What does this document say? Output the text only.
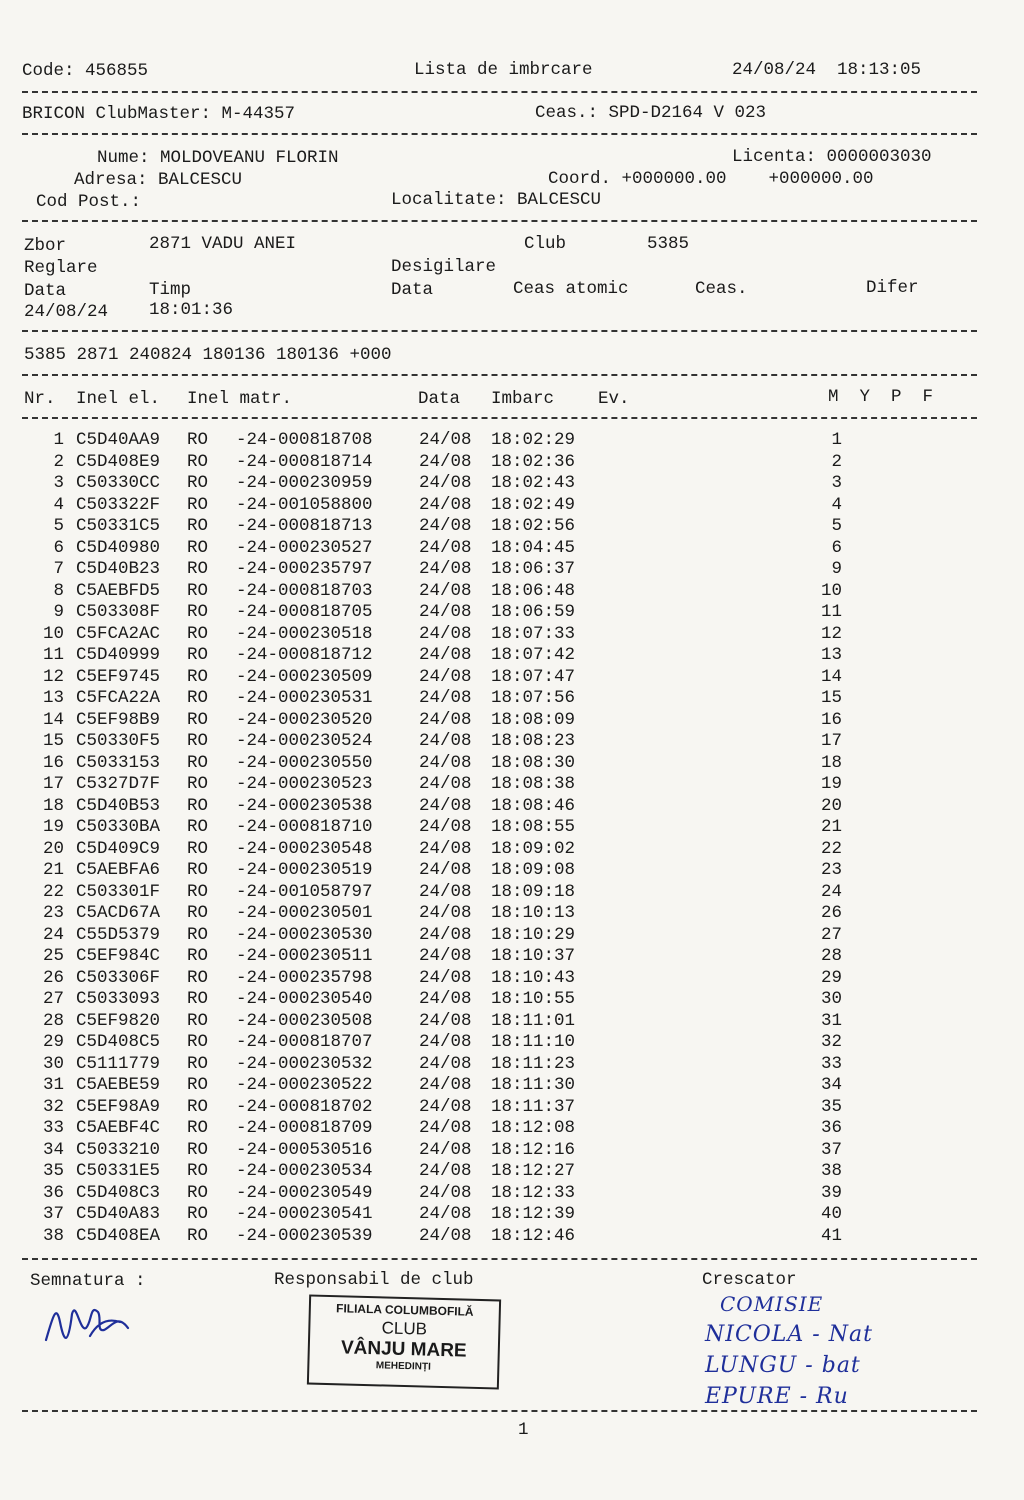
Code: 456855	Lista de imbrcare	24/08/24  18:13:05
BRICON ClubMaster: M-44357	Ceas.: SPD-D2164 V 023
Nume: MOLDOVEANU FLORIN	Licenta: 0000003030
Adresa: BALCESCU	Coord. +000000.00    +000000.00
Cod Post.:	Localitate: BALCESCU
Zbor	2871 VADU ANEI	Club	5385
Reglare	Desigilare
Data	Timp	Data	Ceas atomic	Ceas.	Difer
24/08/24 18:01:36
5385 2871 240824 180136 180136 +000
Nr. Inel el. Inel matr.	Data Imbarc	Ev.	M  Y  P  F
1 C5D40AA9 RO -24-000818708	24/08 18:02:29	1
2 C5D408E9 RO -24-000818714	24/08 18:02:36	2
3 C50330CC RO -24-000230959	24/08 18:02:43	3
4 C503322F RO -24-001058800	24/08 18:02:49	4
5 C50331C5 RO -24-000818713	24/08 18:02:56	5
6 C5D40980 RO -24-000230527	24/08 18:04:45	6
7 C5D40B23 RO -24-000235797	24/08 18:06:37	9
8 C5AEBFD5 RO -24-000818703	24/08 18:06:48	10
9 C503308F RO -24-000818705	24/08 18:06:59	11
10 C5FCA2AC RO -24-000230518	24/08 18:07:33	12
11 C5D40999 RO -24-000818712	24/08 18:07:42	13
12 C5EF9745 RO -24-000230509	24/08 18:07:47	14
13 C5FCA22A RO -24-000230531	24/08 18:07:56	15
14 C5EF98B9 RO -24-000230520	24/08 18:08:09	16
15 C50330F5 RO -24-000230524	24/08 18:08:23	17
16 C5033153 RO -24-000230550	24/08 18:08:30	18
17 C5327D7F RO -24-000230523	24/08 18:08:38	19
18 C5D40B53 RO -24-000230538	24/08 18:08:46	20
19 C50330BA RO -24-000818710	24/08 18:08:55	21
20 C5D409C9 RO -24-000230548	24/08 18:09:02	22
21 C5AEBFA6 RO -24-000230519	24/08 18:09:08	23
22 C503301F RO -24-001058797	24/08 18:09:18	24
23 C5ACD67A RO -24-000230501	24/08 18:10:13	26
24 C55D5379 RO -24-000230530	24/08 18:10:29	27
25 C5EF984C RO -24-000230511	24/08 18:10:37	28
26 C503306F RO -24-000235798	24/08 18:10:43	29
27 C5033093 RO -24-000230540	24/08 18:10:55	30
28 C5EF9820 RO -24-000230508	24/08 18:11:01	31
29 C5D408C5 RO -24-000818707	24/08 18:11:10	32
30 C5111779 RO -24-000230532	24/08 18:11:23	33
31 C5AEBE59 RO -24-000230522	24/08 18:11:30	34
32 C5EF98A9 RO -24-000818702	24/08 18:11:37	35
33 C5AEBF4C RO -24-000818709	24/08 18:12:08	36
34 C5033210 RO -24-000530516	24/08 18:12:16	37
35 C50331E5 RO -24-000230534	24/08 18:12:27	38
36 C5D408C3 RO -24-000230549	24/08 18:12:33	39
37 C5D40A83 RO -24-000230541	24/08 18:12:39	40
38 C5D408EA RO -24-000230539	24/08 18:12:46	41
Semnatura :	Responsabil de club	Crescator
FILIALA COLUMBOFILĂ
CLUB
VÂNJU MARE
MEHEDINȚI
COMISIE
NICOLA - Nat
LUNGU - bat
EPURE - Ru
1
